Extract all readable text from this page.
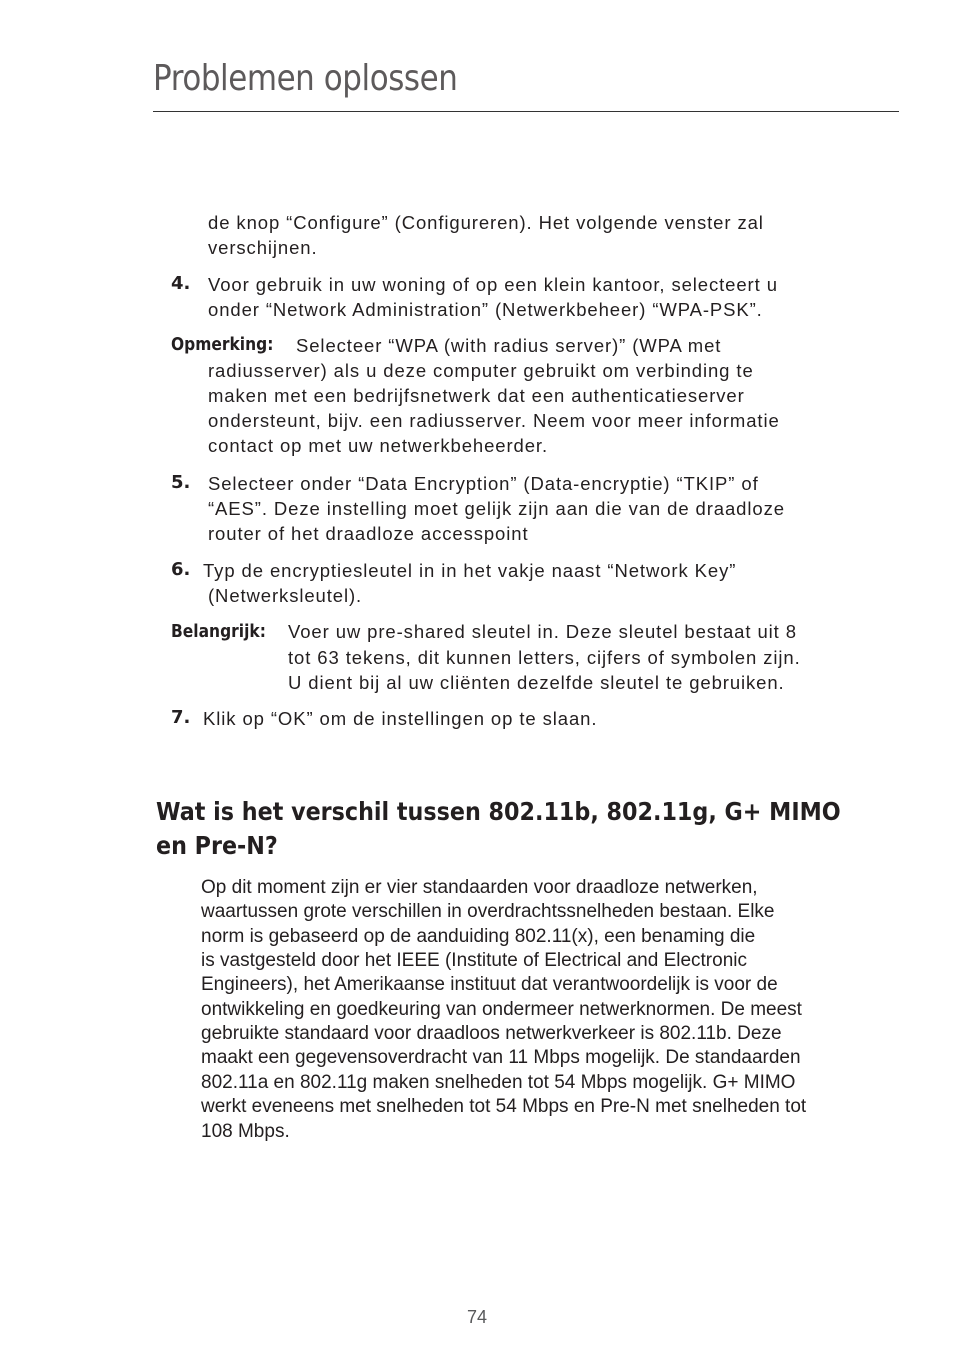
Problemen oplossen
de knop “Configure” (Configureren). Het volgende venster zal
verschijnen.
4. Voor gebruik in uw woning of op een klein kantoor, selecteert u
onder “Network Administration” (Netwerkbeheer) “WPA-PSK”.
Opmerking: Selecteer “WPA (with radius server)” (WPA met
radiusserver) als u deze computer gebruikt om verbinding te
maken met een bedrijfsnetwerk dat een authenticatieserver
ondersteunt, bijv. een radiusserver. Neem voor meer informatie
contact op met uw netwerkbeheerder.
5. Selecteer onder “Data Encryption” (Data-encryptie) “TKIP” of
“AES”. Deze instelling moet gelijk zijn aan die van de draadloze
router of het draadloze accesspoint
6. Typ de encryptiesleutel in in het vakje naast “Network Key”
(Netwerksleutel).
Belangrijk: Voer uw pre-shared sleutel in. Deze sleutel bestaat uit 8
tot 63 tekens, dit kunnen letters, cijfers of symbolen zijn.
U dient bij al uw cliënten dezelfde sleutel te gebruiken.
7. Klik op “OK” om de instellingen op te slaan.
Wat is het verschil tussen 802.11b, 802.11g, G+ MIMO en Pre-N?
Op dit moment zijn er vier standaarden voor draadloze netwerken,
waartussen grote verschillen in overdrachtssnelheden bestaan. Elke
norm is gebaseerd op de aanduiding 802.11(x), een benaming die
is vastgesteld door het IEEE (Institute of Electrical and Electronic
Engineers), het Amerikaanse instituut dat verantwoordelijk is voor de
ontwikkeling en goedkeuring van ondermeer netwerknormen. De meest
gebruikte standaard voor draadloos netwerkverkeer is 802.11b. Deze
maakt een gegevensoverdracht van 11 Mbps mogelijk. De standaarden
802.11a en 802.11g maken snelheden tot 54 Mbps mogelijk. G+ MIMO
werkt eveneens met snelheden tot 54 Mbps en Pre-N met snelheden tot
108 Mbps.
74
